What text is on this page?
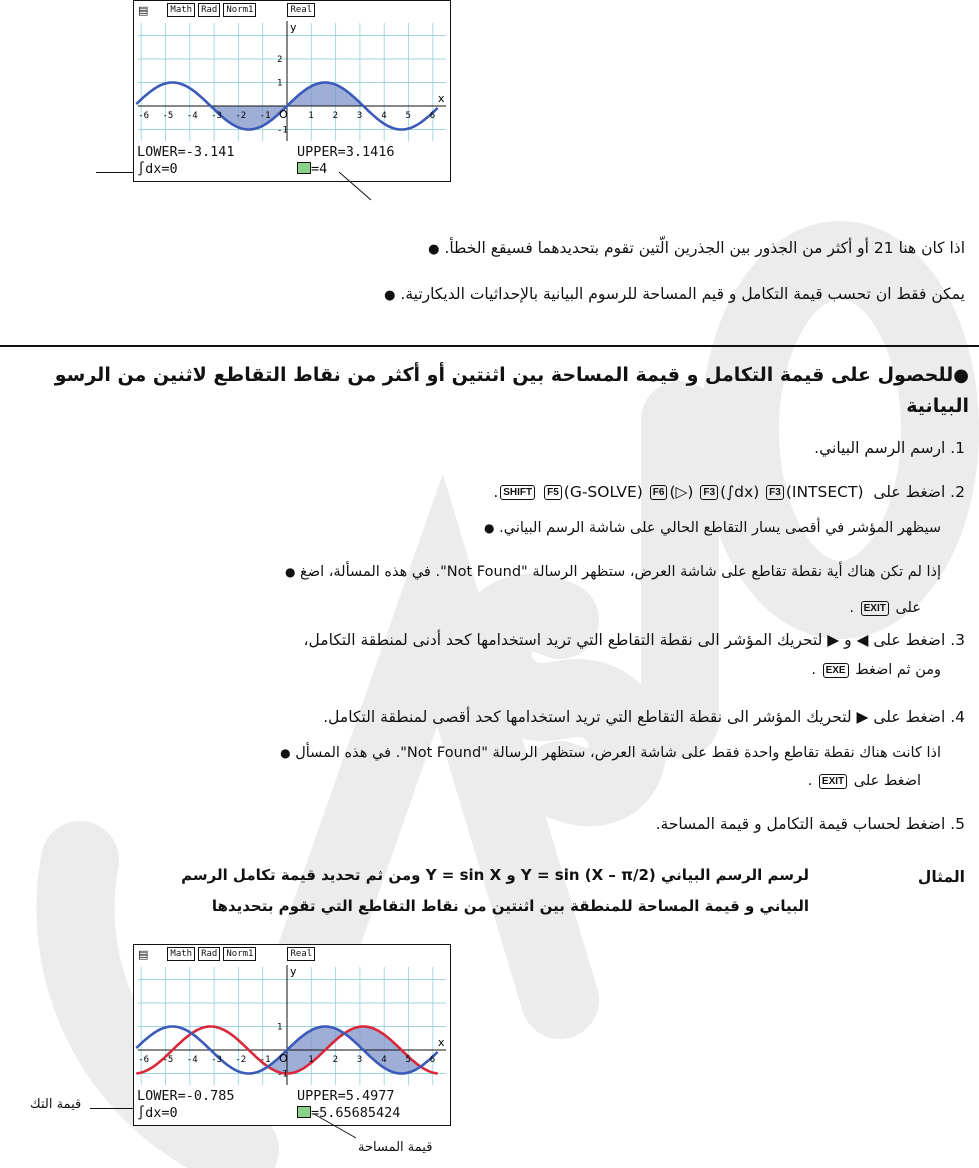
-6 -5 -4 -3 -2 -1	1 2 3 4 5 6
O
2
1
-1
y
x
▤	Math	Rad	Norm1	Real
LOWER=-3.141	UPPER=3.1416
∫dx=0	=4
اذا كان هنا 21 أو أكثر من الجذور بين الجذرين الّتين تقوم بتحديدهما فسيقع الخطأ. ●
يمكن فقط ان تحسب قيمة التكامل و قيم المساحة للرسوم البيانية بالإحداثيات الديكارتية. ●
●للحصول على قيمة التكامل و قيمة المساحة بين اثنتين أو أكثر من نقاط التقاطع لاثنين من الرسو البيانية
1. ارسم الرسم البياني.
2. اضغط على SHIFT F5 (G-SOLVE) F6 (▷) F3 (∫dx) F3 (INTSECT) .
سيظهر المؤشر في أقصى يسار التقاطع الحالي على شاشة الرسم البياني. ●
إذا لم تكن هناك أية نقطة تقاطع على شاشة العرض، ستظهر الرسالة "Not Found". في هذه المسألة، اضغ ●
على EXIT .
3. اضغط على ◀ و ▶ لتحريك المؤشر الى نقطة التقاطع التي تريد استخدامها كحد أدنى لمنطقة التكامل،
ومن ثم اضغط EXE .
4. اضغط على ▶ لتحريك المؤشر الى نقطة التقاطع التي تريد استخدامها كحد أقصى لمنطقة التكامل.
اذا كانت هناك نقطة تقاطع واحدة فقط على شاشة العرض، ستظهر الرسالة "Not Found". في هذه المسأل ●
اضغط على EXIT .
5. اضغط لحساب قيمة التكامل و قيمة المساحة.
المثال
لرسم الرسم البياني (X – π/2) Y = sin و Y = sin X ومن ثم تحديد قيمة تكامل الرسم
البياني و قيمة المساحة للمنطقة بين اثنتين من نقاط التقاطع التي تقوم بتحديدها
-6 -5 -4 -3 -2 -1	1 2 3 4 5 6
O
1
-1
y
x
▤	Math	Rad	Norm1	Real
LOWER=-0.785	UPPER=5.4977
∫dx=0	=5.65685424
قيمة التك
قيمة المساحة
